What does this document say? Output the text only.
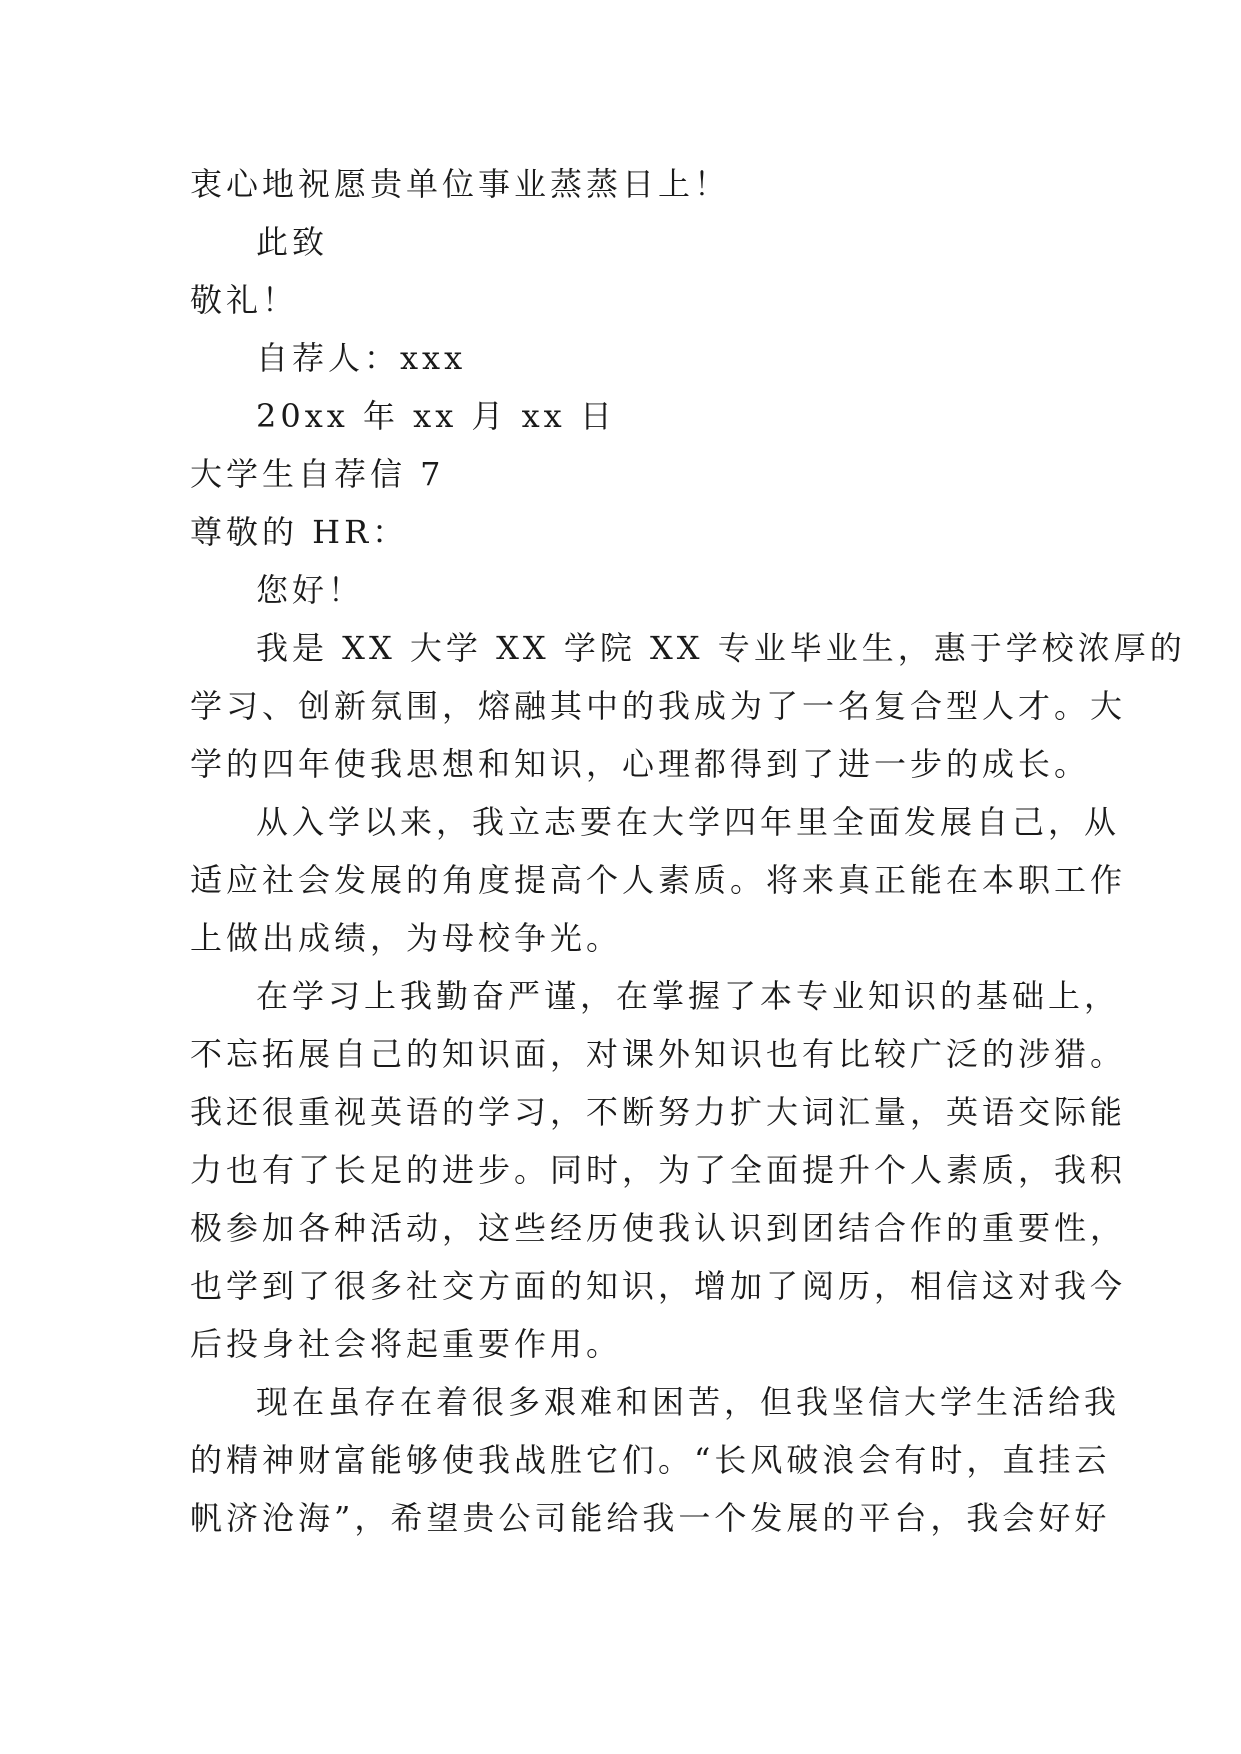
衷心地祝愿贵单位事业蒸蒸日上！
此致
敬礼！
自荐人：xxx
20xx 年 xx 月 xx 日
大学生自荐信 7
尊敬的 HR：
您好！
我是 XX 大学 XX 学院 XX 专业毕业生，惠于学校浓厚的
学习、创新氛围，熔融其中的我成为了一名复合型人才。大
学的四年使我思想和知识，心理都得到了进一步的成长。
从入学以来，我立志要在大学四年里全面发展自己，从
适应社会发展的角度提高个人素质。将来真正能在本职工作
上做出成绩，为母校争光。
在学习上我勤奋严谨，在掌握了本专业知识的基础上，
不忘拓展自己的知识面，对课外知识也有比较广泛的涉猎。
我还很重视英语的学习，不断努力扩大词汇量，英语交际能
力也有了长足的进步。同时，为了全面提升个人素质，我积
极参加各种活动，这些经历使我认识到团结合作的重要性，
也学到了很多社交方面的知识，增加了阅历，相信这对我今
后投身社会将起重要作用。
现在虽存在着很多艰难和困苦，但我坚信大学生活给我
的精神财富能够使我战胜它们。“长风破浪会有时，直挂云
帆济沧海”，希望贵公司能给我一个发展的平台，我会好好
